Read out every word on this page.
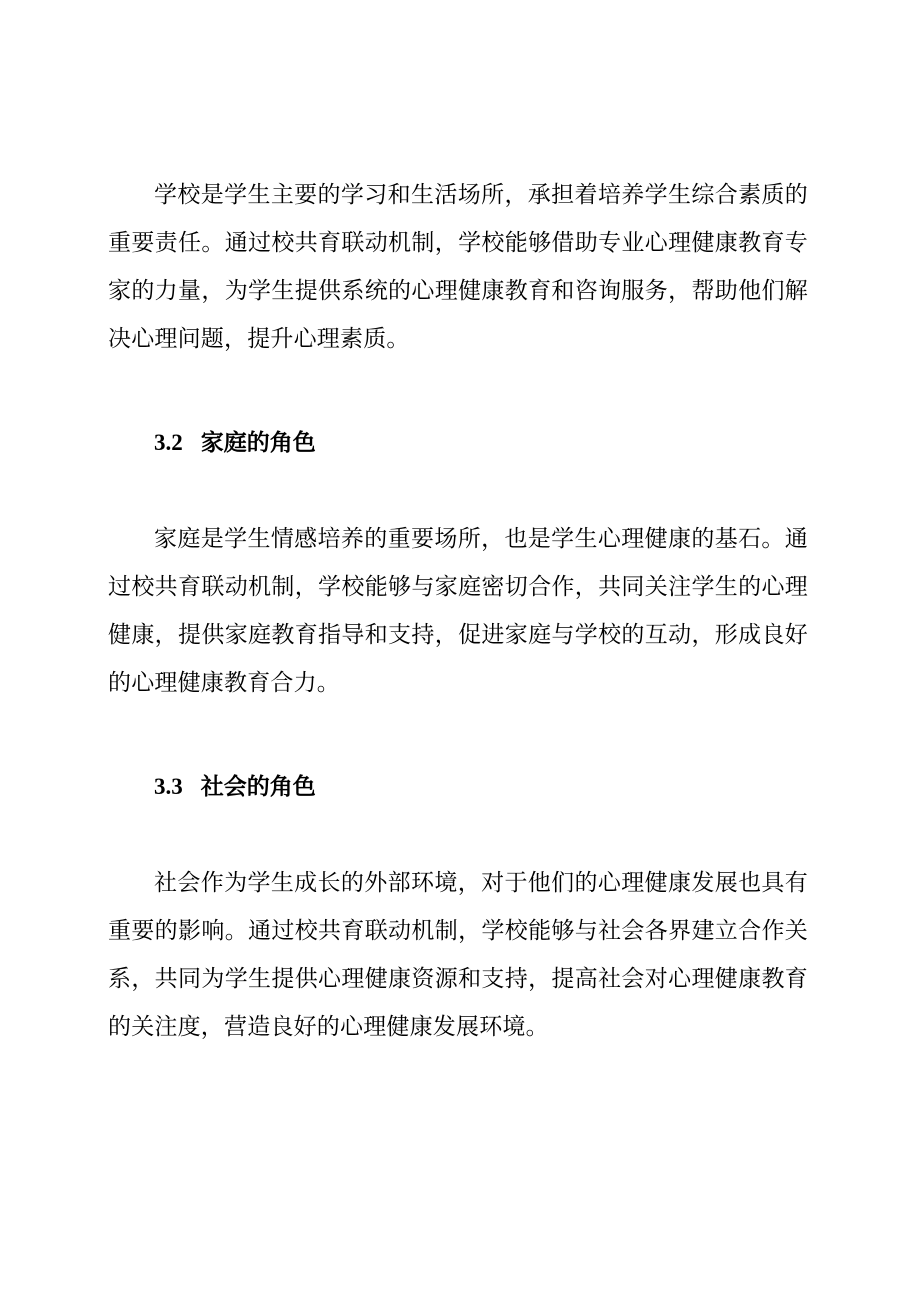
学校是学生主要的学习和生活场所，承担着培养学生综合素质的重要责任。通过校共育联动机制，学校能够借助专业心理健康教育专家的力量，为学生提供系统的心理健康教育和咨询服务，帮助他们解决心理问题，提升心理素质。

3.2 家庭的角色

家庭是学生情感培养的重要场所，也是学生心理健康的基石。通过校共育联动机制，学校能够与家庭密切合作，共同关注学生的心理健康，提供家庭教育指导和支持，促进家庭与学校的互动，形成良好的心理健康教育合力。

3.3 社会的角色

社会作为学生成长的外部环境，对于他们的心理健康发展也具有重要的影响。通过校共育联动机制，学校能够与社会各界建立合作关系，共同为学生提供心理健康资源和支持，提高社会对心理健康教育的关注度，营造良好的心理健康发展环境。
